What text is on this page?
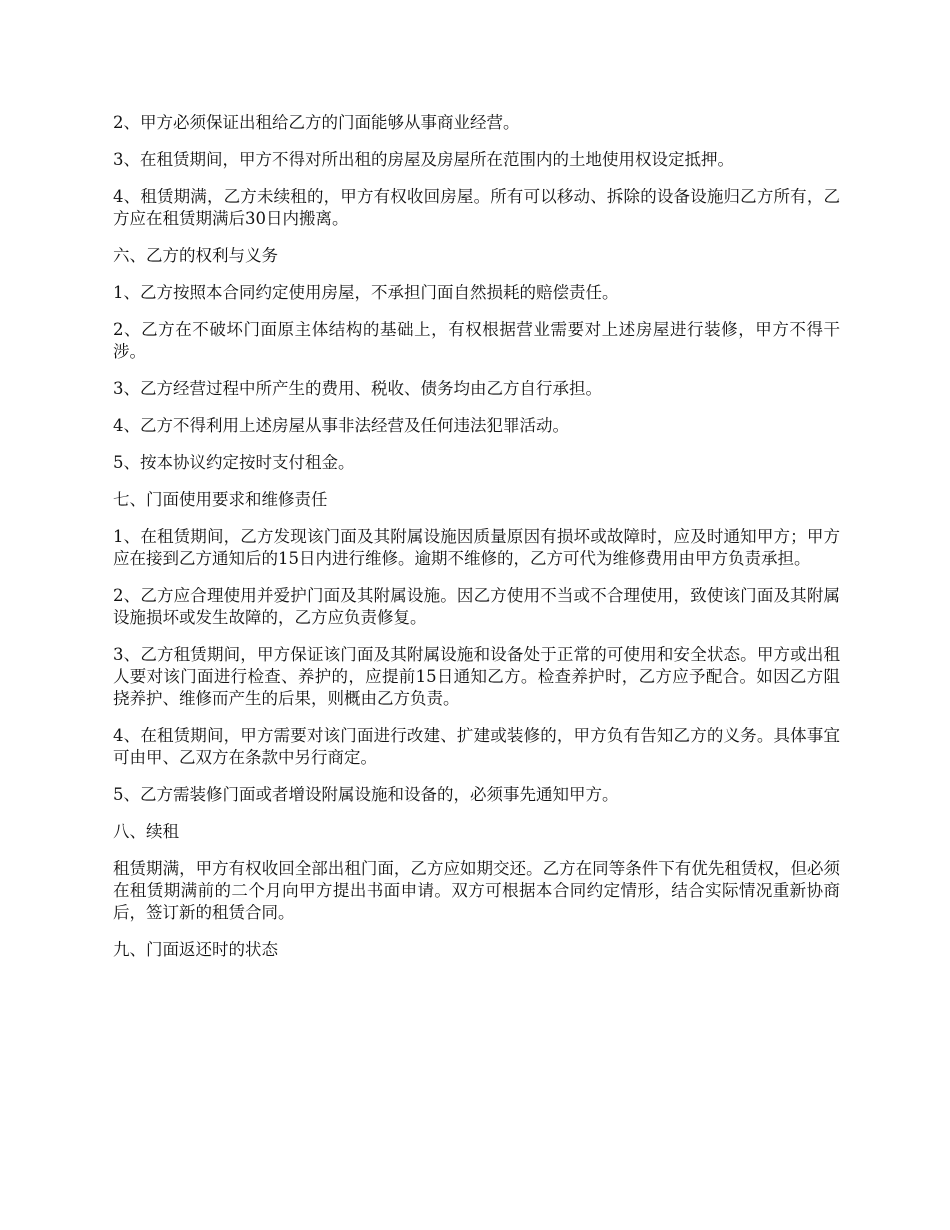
2、甲方必须保证出租给乙方的门面能够从事商业经营。

3、在租赁期间，甲方不得对所出租的房屋及房屋所在范围内的土地使用权设定抵押。

4、租赁期满，乙方未续租的，甲方有权收回房屋。所有可以移动、拆除的设备设施归乙方所有，乙方应在租赁期满后30日内搬离。

六、乙方的权利与义务

1、乙方按照本合同约定使用房屋，不承担门面自然损耗的赔偿责任。

2、乙方在不破坏门面原主体结构的基础上，有权根据营业需要对上述房屋进行装修，甲方不得干涉。

3、乙方经营过程中所产生的费用、税收、债务均由乙方自行承担。

4、乙方不得利用上述房屋从事非法经营及任何违法犯罪活动。

5、按本协议约定按时支付租金。

七、门面使用要求和维修责任

1、在租赁期间，乙方发现该门面及其附属设施因质量原因有损坏或故障时，应及时通知甲方；甲方应在接到乙方通知后的15日内进行维修。逾期不维修的，乙方可代为维修费用由甲方负责承担。

2、乙方应合理使用并爱护门面及其附属设施。因乙方使用不当或不合理使用，致使该门面及其附属设施损坏或发生故障的，乙方应负责修复。

3、乙方租赁期间，甲方保证该门面及其附属设施和设备处于正常的可使用和安全状态。甲方或出租人要对该门面进行检查、养护的，应提前15日通知乙方。检查养护时，乙方应予配合。如因乙方阻挠养护、维修而产生的后果，则概由乙方负责。

4、在租赁期间，甲方需要对该门面进行改建、扩建或装修的，甲方负有告知乙方的义务。具体事宜可由甲、乙双方在条款中另行商定。

5、乙方需装修门面或者增设附属设施和设备的，必须事先通知甲方。

八、续租

租赁期满，甲方有权收回全部出租门面，乙方应如期交还。乙方在同等条件下有优先租赁权，但必须在租赁期满前的二个月向甲方提出书面申请。双方可根据本合同约定情形，结合实际情况重新协商后，签订新的租赁合同。

九、门面返还时的状态
